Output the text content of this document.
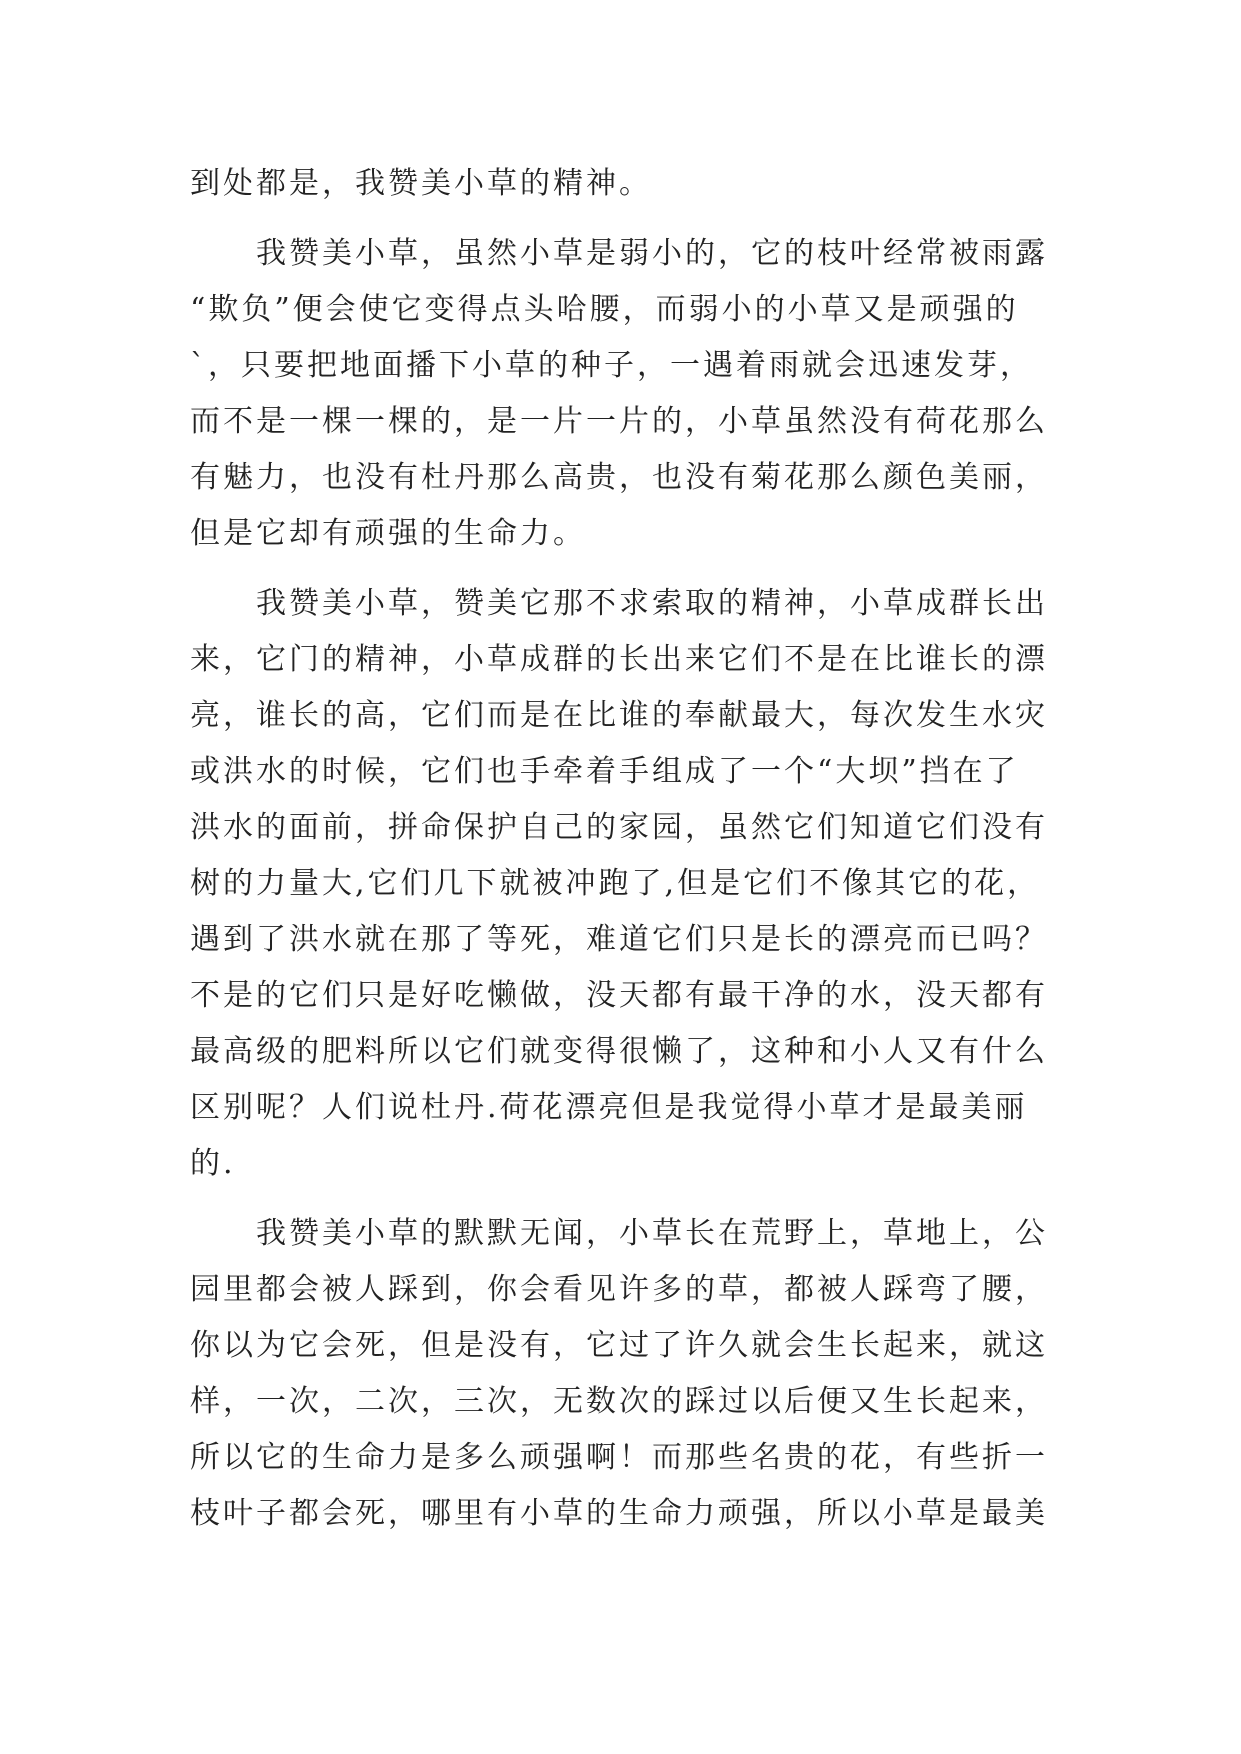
到处都是，我赞美小草的精神。
　　我赞美小草，虽然小草是弱小的，它的枝叶经常被雨露
“欺负”便会使它变得点头哈腰，而弱小的小草又是顽强的
`，只要把地面播下小草的种子，一遇着雨就会迅速发芽，
而不是一棵一棵的，是一片一片的，小草虽然没有荷花那么
有魅力，也没有杜丹那么高贵，也没有菊花那么颜色美丽，
但是它却有顽强的生命力。
　　我赞美小草，赞美它那不求索取的精神，小草成群长出
来，它门的精神，小草成群的长出来它们不是在比谁长的漂
亮，谁长的高，它们而是在比谁的奉献最大，每次发生水灾
或洪水的时候，它们也手牵着手组成了一个“大坝”挡在了
洪水的面前，拼命保护自己的家园，虽然它们知道它们没有
树的力量大,它们几下就被冲跑了,但是它们不像其它的花，
遇到了洪水就在那了等死，难道它们只是长的漂亮而已吗？
不是的它们只是好吃懒做，没天都有最干净的水，没天都有
最高级的肥料所以它们就变得很懒了，这种和小人又有什么
区别呢？人们说杜丹.荷花漂亮但是我觉得小草才是最美丽
的.
　　我赞美小草的默默无闻，小草长在荒野上，草地上，公
园里都会被人踩到，你会看见许多的草，都被人踩弯了腰，
你以为它会死，但是没有，它过了许久就会生长起来，就这
样，一次，二次，三次，无数次的踩过以后便又生长起来，
所以它的生命力是多么顽强啊！而那些名贵的花，有些折一
枝叶子都会死，哪里有小草的生命力顽强，所以小草是最美
